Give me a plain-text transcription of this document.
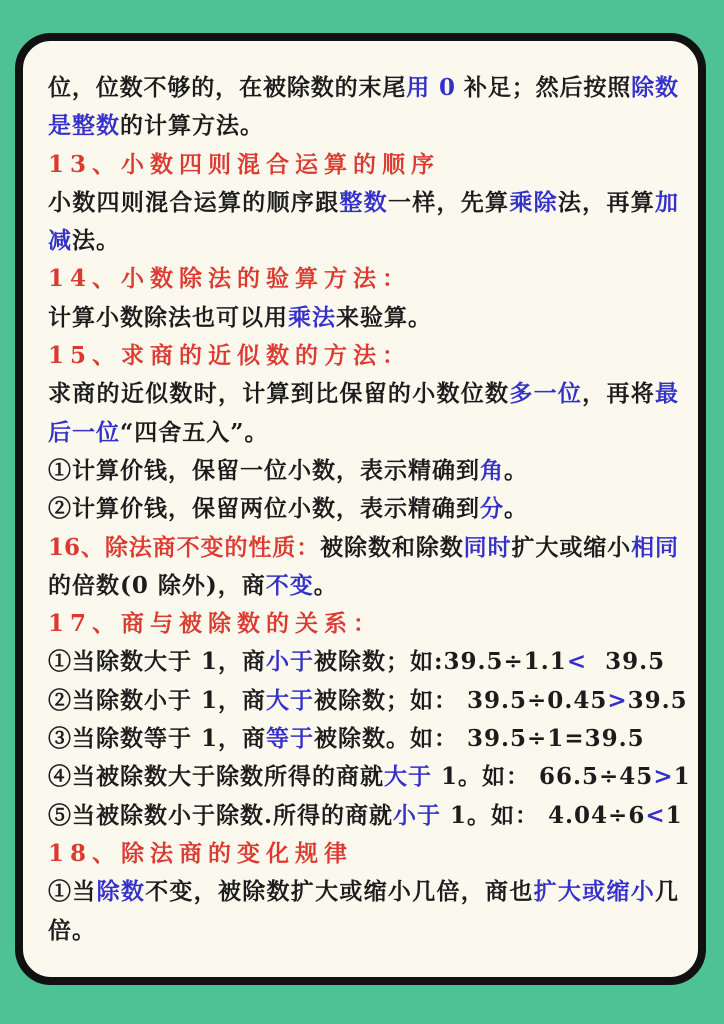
位，位数不够的，在被除数的末尾用 0 补足；然后按照除数
是整数的计算方法。
13、小数四则混合运算的顺序
小数四则混合运算的顺序跟整数一样，先算乘除法，再算加
减法。
14、小数除法的验算方法：
计算小数除法也可以用乘法来验算。
15、求商的近似数的方法：
求商的近似数时，计算到比保留的小数位数多一位，再将最
后一位“四舍五入”。
①计算价钱，保留一位小数，表示精确到角。
②计算价钱，保留两位小数，表示精确到分。
16、除法商不变的性质：被除数和除数同时扩大或缩小相同
的倍数(0 除外)，商不变。
17、商与被除数的关系：
①当除数大于 1，商小于被除数；如:39.5÷1.1<  39.5
②当除数小于 1，商大于被除数；如： 39.5÷0.45>39.5
③当除数等于 1，商等于被除数。如： 39.5÷1=39.5
④当被除数大于除数所得的商就大于 1。如： 66.5÷45>1
⑤当被除数小于除数.所得的商就小于 1。如： 4.04÷6<1
18、除法商的变化规律
①当除数不变，被除数扩大或缩小几倍，商也扩大或缩小几
倍。
